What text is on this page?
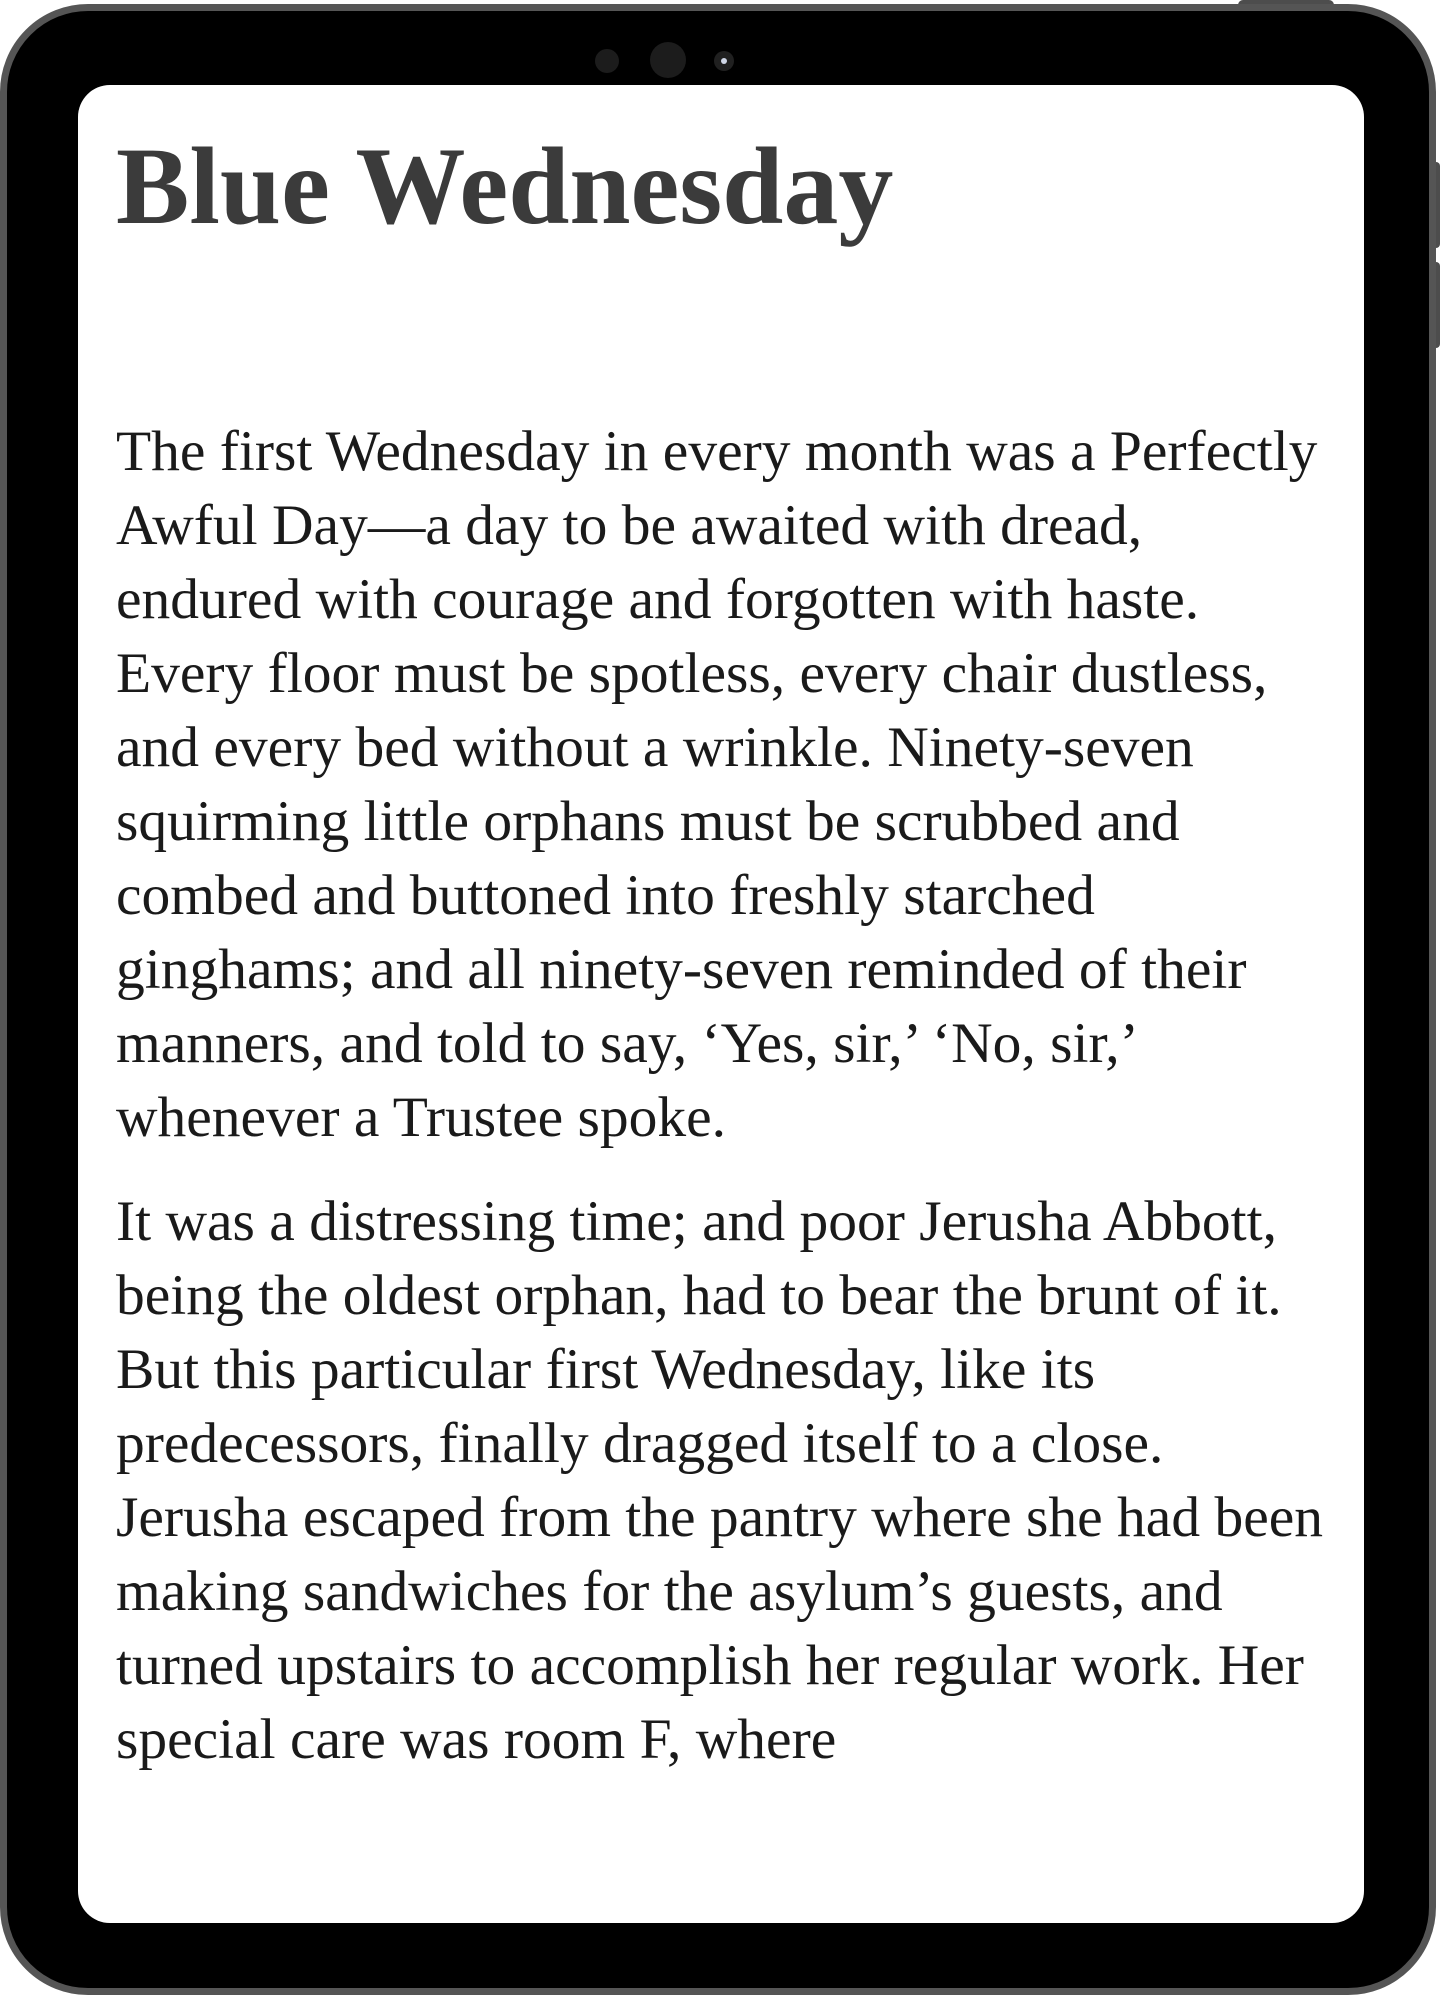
Blue Wednesday

The first Wednesday in every month was a Perfectly Awful Day—a day to be awaited with dread, endured with courage and forgotten with haste. Every floor must be spotless, every chair dustless, and every bed without a wrinkle. Ninety-seven squirming little orphans must be scrubbed and combed and buttoned into freshly starched ginghams; and all ninety-seven reminded of their manners, and told to say, ‘Yes, sir,’ ‘No, sir,’ whenever a Trustee spoke.

It was a distressing time; and poor Jerusha Abbott, being the oldest orphan, had to bear the brunt of it. But this particular first Wednesday, like its predecessors, finally dragged itself to a close. Jerusha escaped from the pantry where she had been making sandwiches for the asylum’s guests, and turned upstairs to accomplish her regular work. Her special care was room F, where
